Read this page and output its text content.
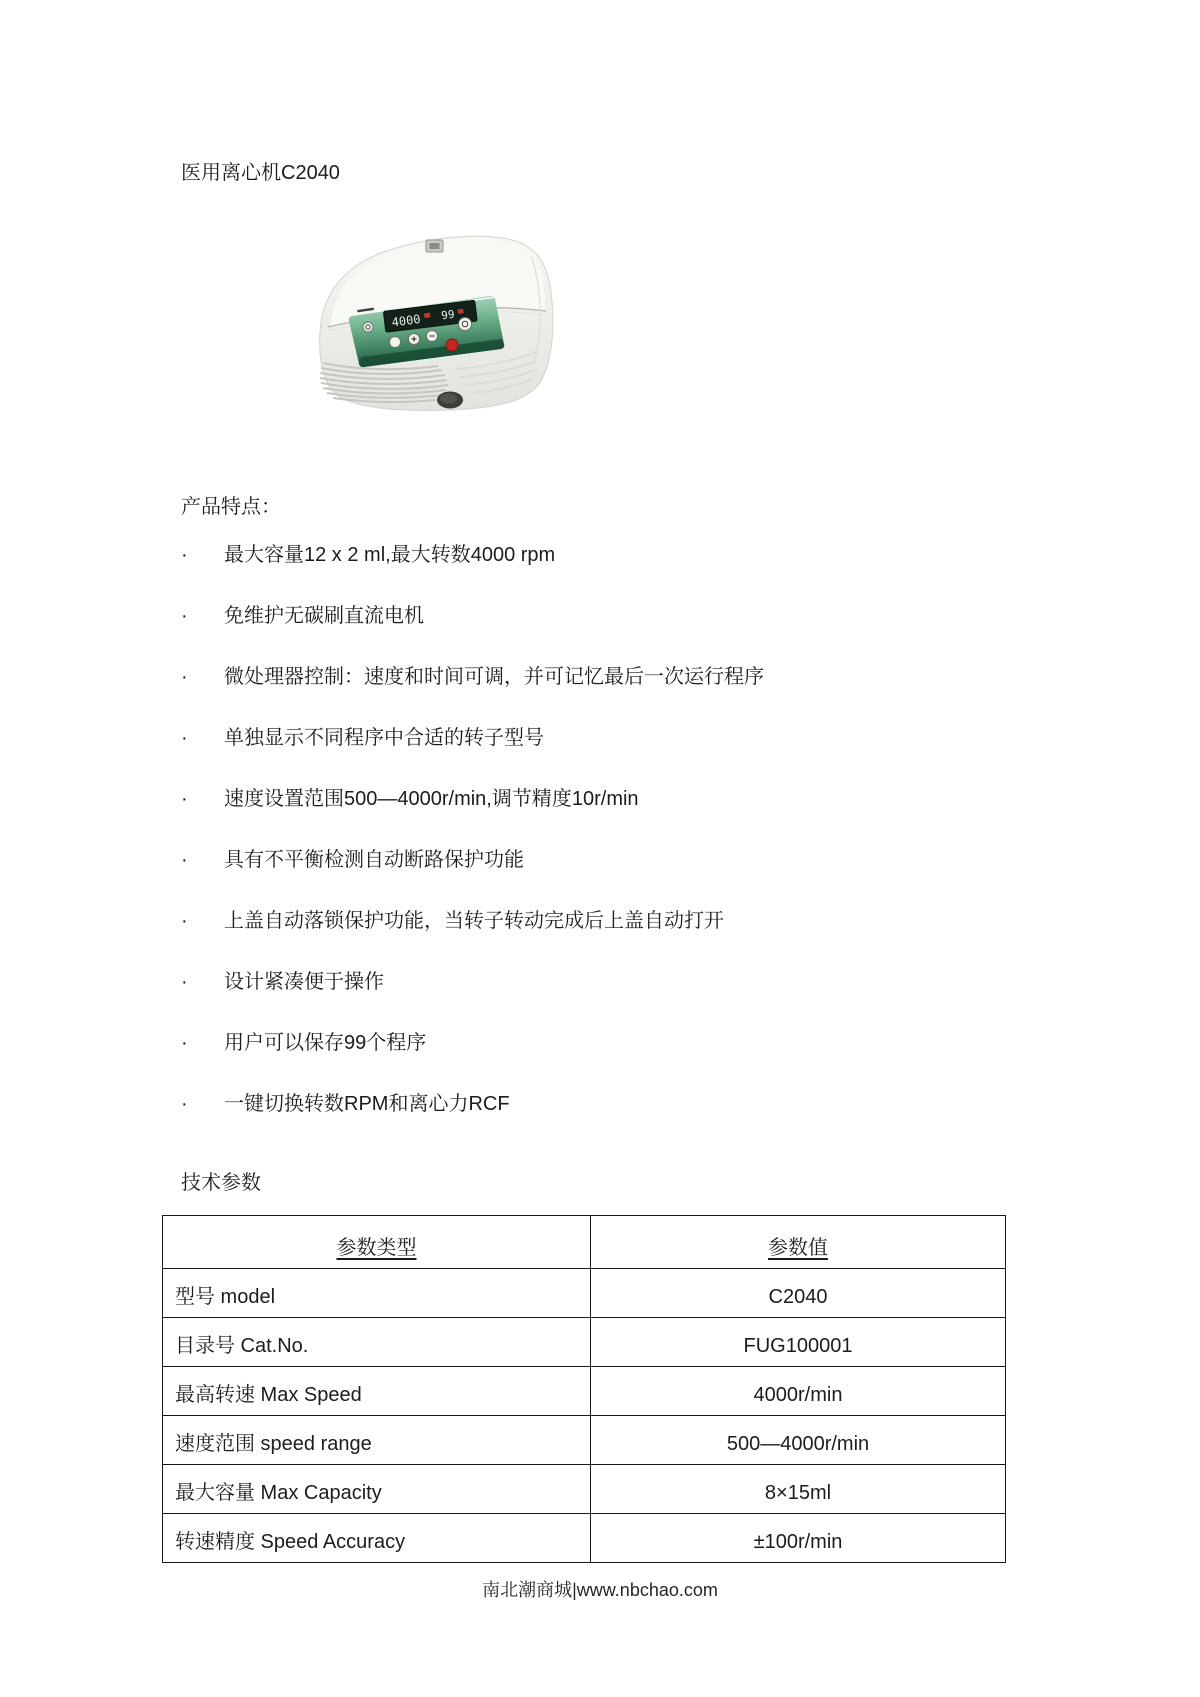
医用离心机C2040
4000 99
产品特点：
· 最大容量12 x 2 ml,最大转数4000 rpm
· 免维护无碳刷直流电机
· 微处理器控制：速度和时间可调，并可记忆最后一次运行程序
· 单独显示不同程序中合适的转子型号
· 速度设置范围500—4000r/min,调节精度10r/min
· 具有不平衡检测自动断路保护功能
· 上盖自动落锁保护功能，当转子转动完成后上盖自动打开
· 设计紧凑便于操作
· 用户可以保存99个程序
· 一键切换转数RPM和离心力RCF
技术参数
参数类型	参数值
型号 model	C2040
目录号 Cat.No.	FUG100001
最高转速 Max Speed	4000r/min
速度范围 speed range	500—4000r/min
最大容量 Max Capacity	8×15ml
转速精度 Speed Accuracy	±100r/min
南北潮商城|www.nbchao.com
